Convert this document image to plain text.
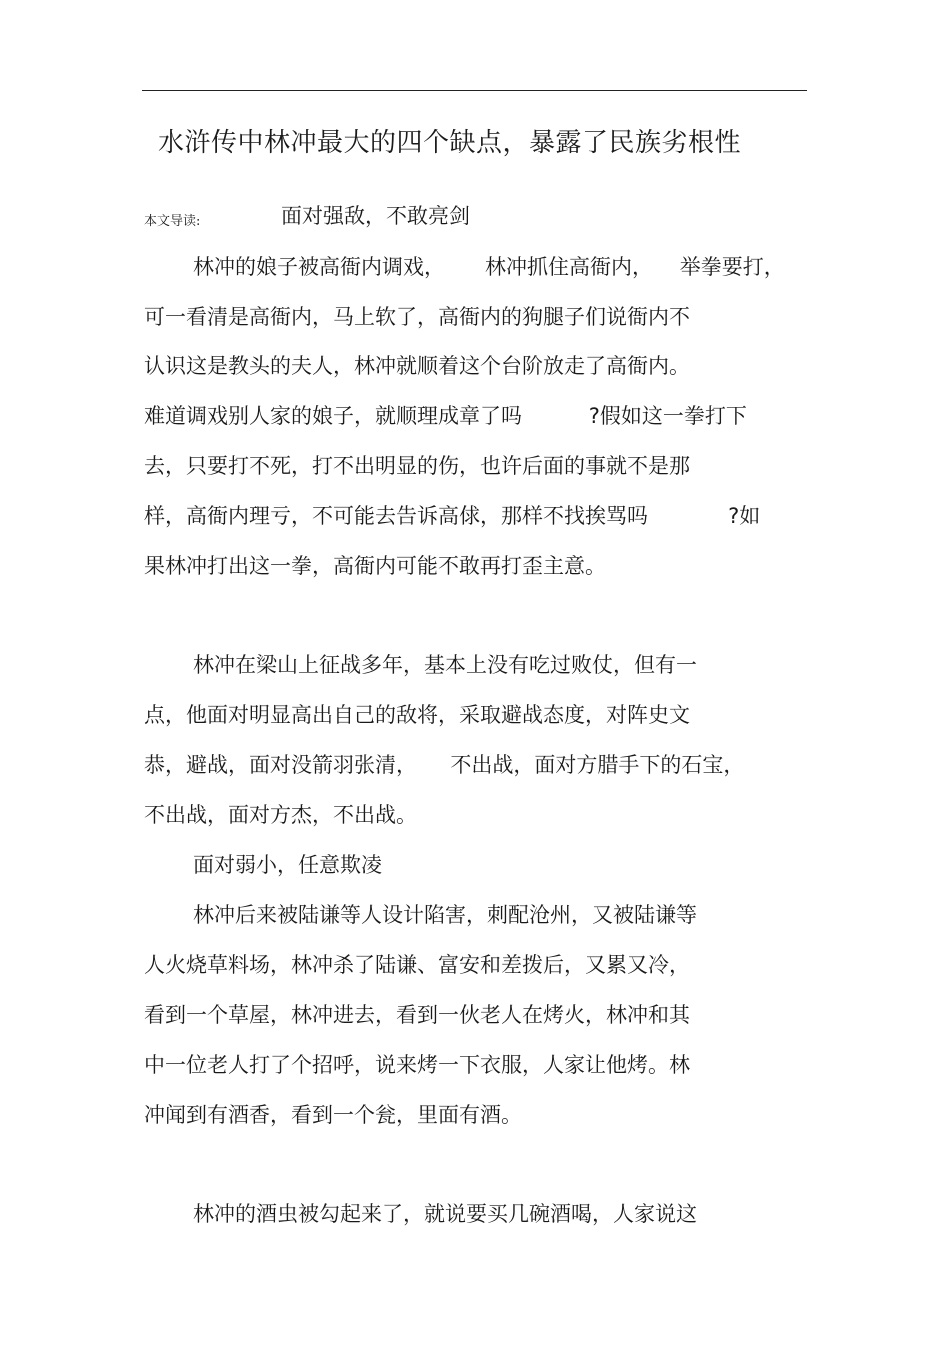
水浒传中林冲最大的四个缺点，暴露了民族劣根性
本文导读:	面对强敌，不敢亮剑
林冲的娘子被高衙内调戏，      林冲抓住高衙内，    举拳要打，
可一看清是高衙内，马上软了，高衙内的狗腿子们说衙内不
认识这是教头的夫人，林冲就顺着这个台阶放走了高衙内。
难道调戏别人家的娘子，就顺理成章了吗          ?假如这一拳打下
去，只要打不死，打不出明显的伤，也许后面的事就不是那
样，高衙内理亏，不可能去告诉高俅，那样不找挨骂吗            ?如
果林冲打出这一拳，高衙内可能不敢再打歪主意。
林冲在梁山上征战多年，基本上没有吃过败仗，但有一
点，他面对明显高出自己的敌将，采取避战态度，对阵史文
恭，避战，面对没箭羽张清，     不出战，面对方腊手下的石宝，
不出战，面对方杰，不出战。
面对弱小，任意欺凌
林冲后来被陆谦等人设计陷害，刺配沧州，又被陆谦等
人火烧草料场，林冲杀了陆谦、富安和差拨后，又累又冷，
看到一个草屋，林冲进去，看到一伙老人在烤火，林冲和其
中一位老人打了个招呼，说来烤一下衣服，人家让他烤。林
冲闻到有酒香，看到一个瓮，里面有酒。
林冲的酒虫被勾起来了，就说要买几碗酒喝，人家说这
